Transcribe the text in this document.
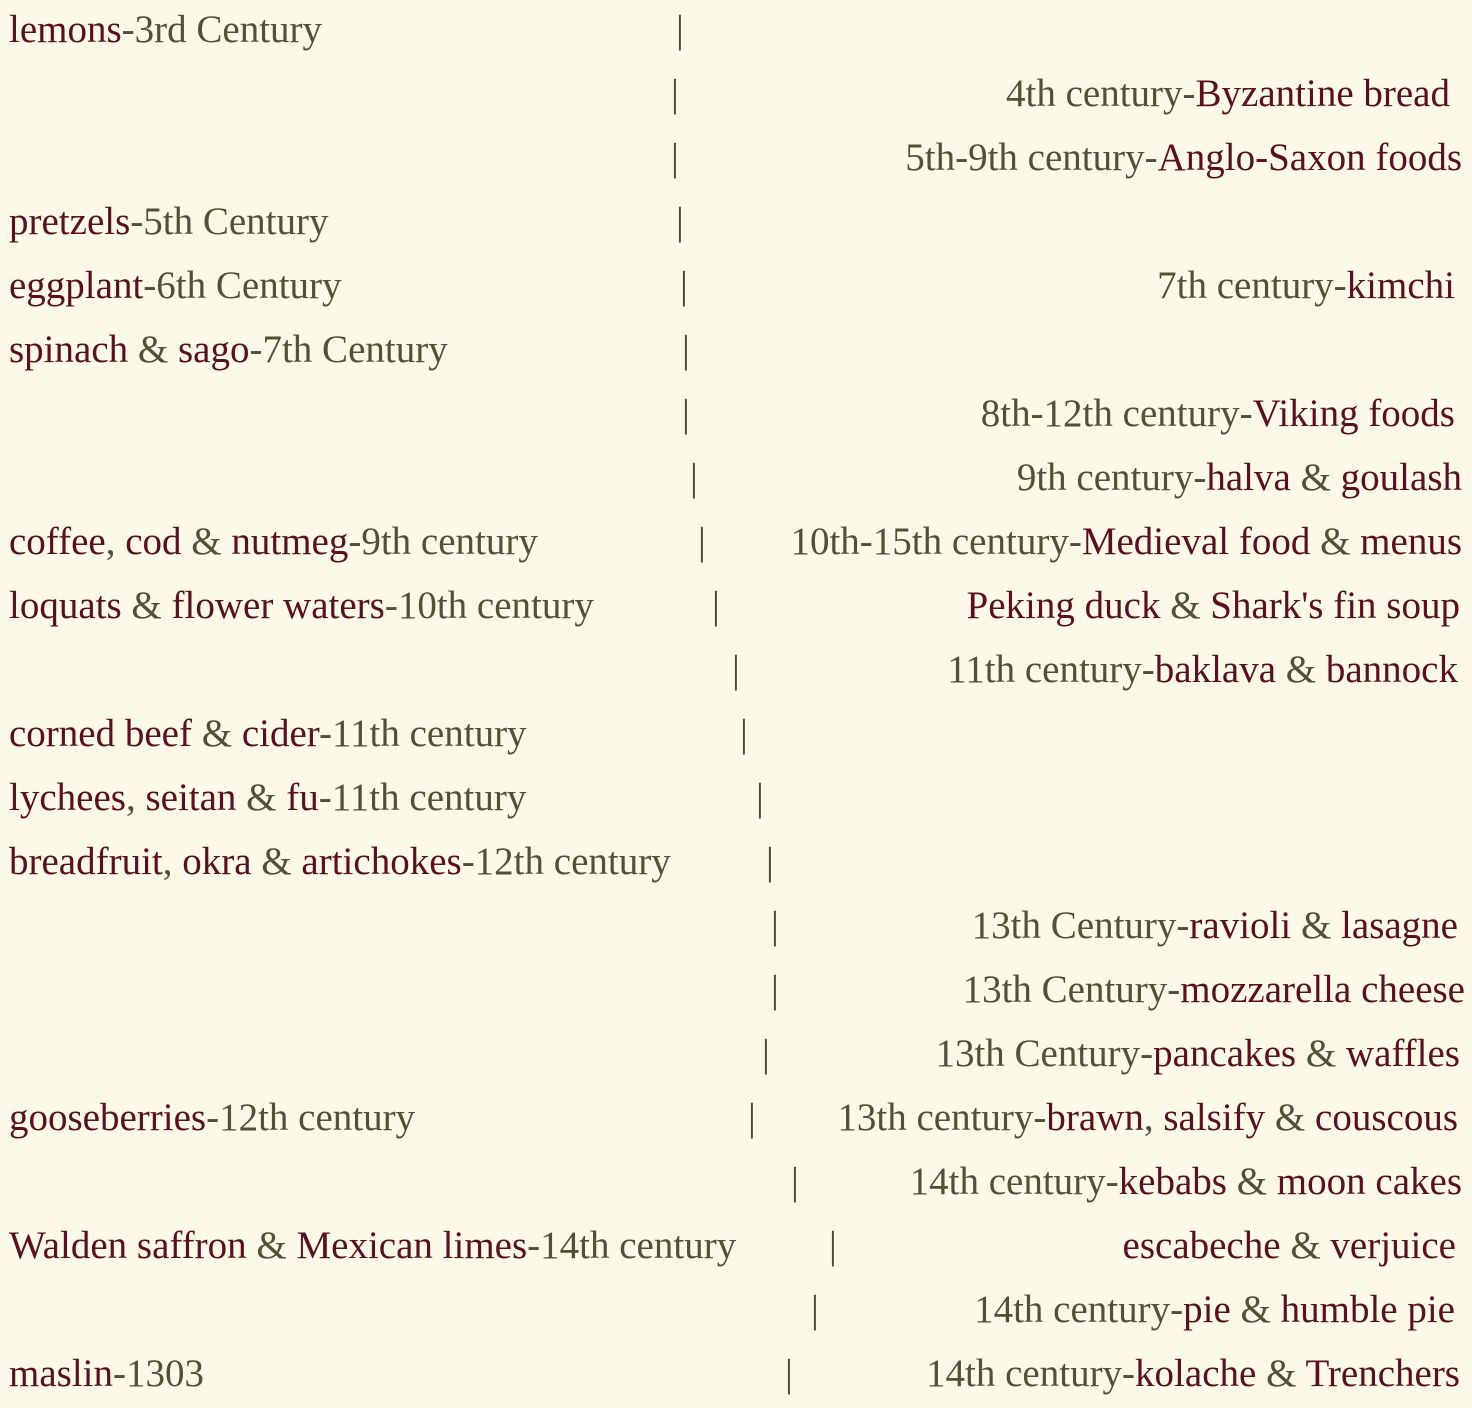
lemons-3rd Century	|
|	4th century-Byzantine bread
|	5th-9th century-Anglo-Saxon foods
pretzels-5th Century	|
eggplant-6th Century	|	7th century-kimchi
spinach & sago-7th Century	|
|	8th-12th century-Viking foods
|	9th century-halva & goulash
coffee, cod & nutmeg-9th century	| 10th-15th century-Medieval food & menus
loquats & flower waters-10th century	|	Peking duck & Shark's fin soup
|	11th century-baklava & bannock
corned beef & cider-11th century	|
lychees, seitan & fu-11th century	|
breadfruit, okra & artichokes-12th century |
|	13th Century-ravioli & lasagne
|	13th Century-mozzarella cheese
|	13th Century-pancakes & waffles
gooseberries-12th century	| 13th century-brawn, salsify & couscous
|	14th century-kebabs & moon cakes
Walden saffron & Mexican limes-14th century |	escabeche & verjuice
|	14th century-pie & humble pie
maslin-1303	|	14th century-kolache & Trenchers
